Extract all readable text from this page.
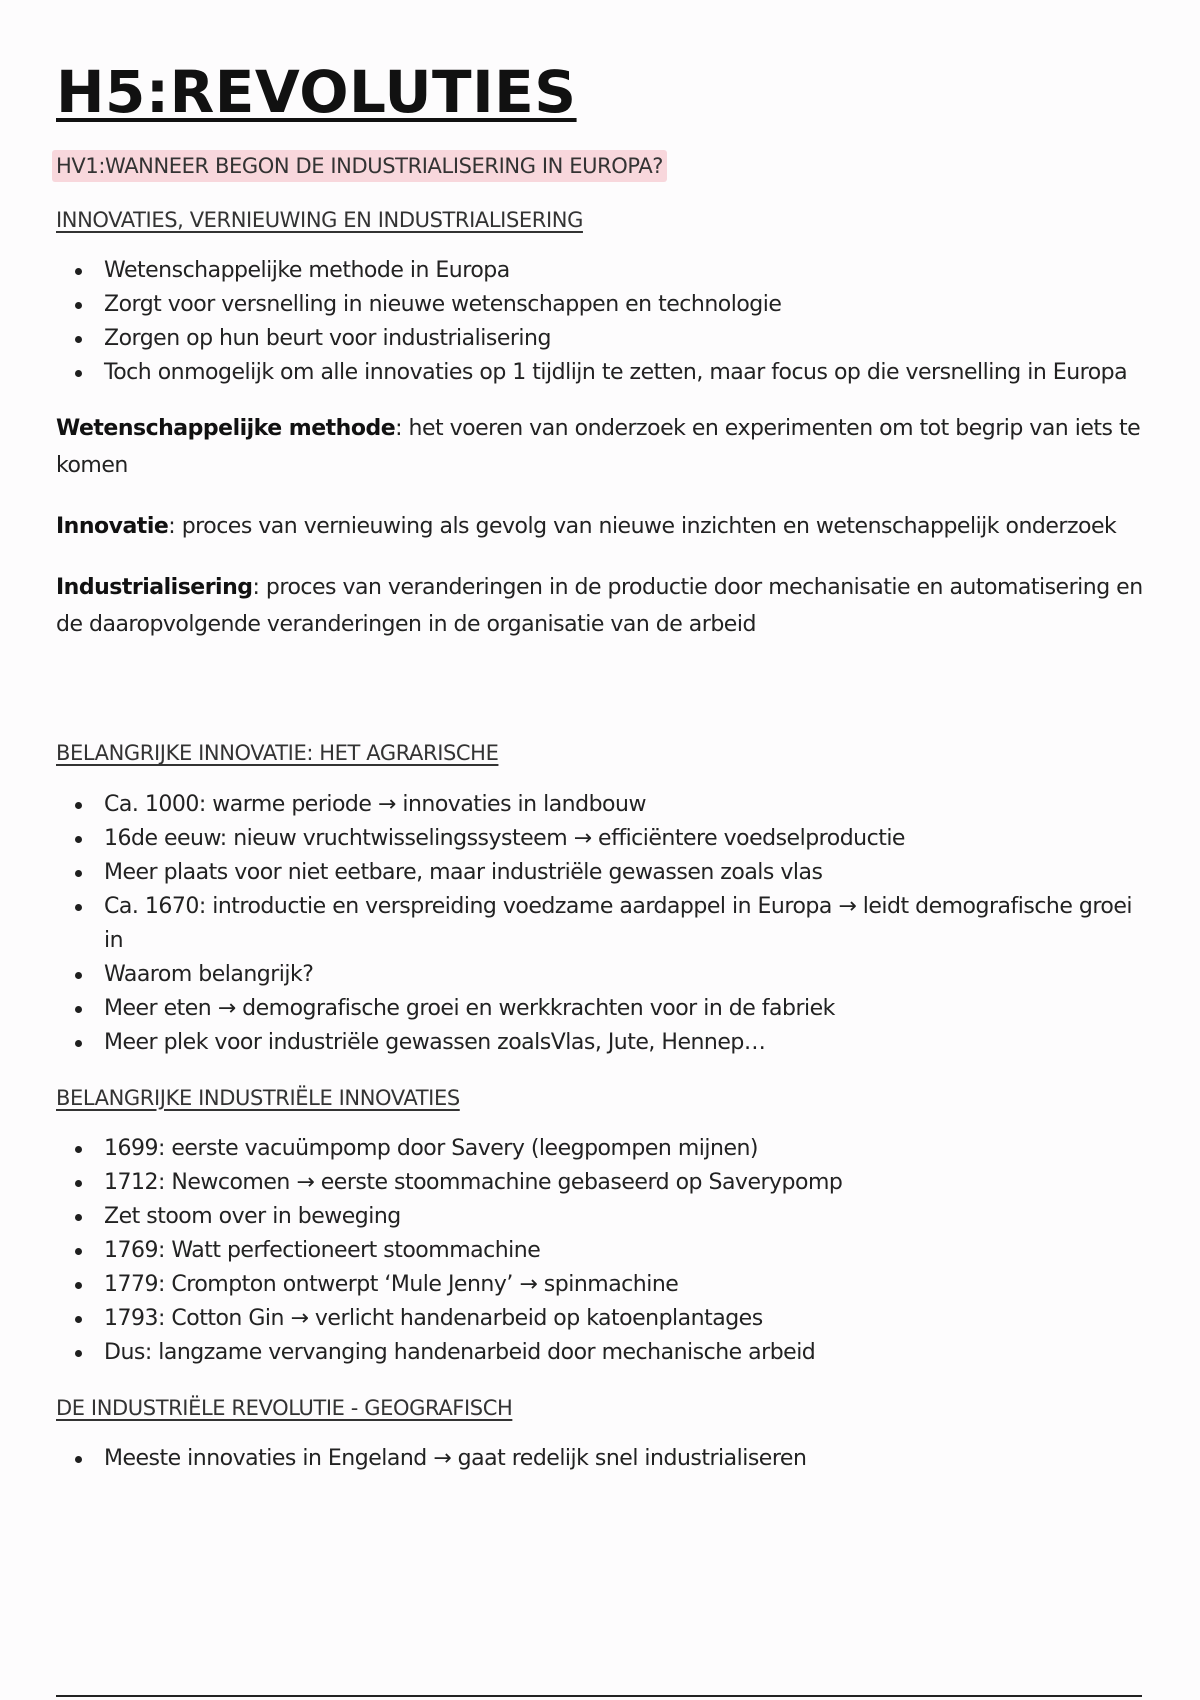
H5:REVOLUTIES
HV1:WANNEER BEGON DE INDUSTRIALISERING IN EUROPA?
INNOVATIES, VERNIEUWING EN INDUSTRIALISERING
Wetenschappelijke methode in Europa
Zorgt voor versnelling in nieuwe wetenschappen en technologie
Zorgen op hun beurt voor industrialisering
Toch onmogelijk om alle innovaties op 1 tijdlijn te zetten, maar focus op die versnelling in Europa

Wetenschappelijke methode: het voeren van onderzoek en experimenten om tot begrip van iets te komen

Innovatie: proces van vernieuwing als gevolg van nieuwe inzichten en wetenschappelijk onderzoek

Industrialisering: proces van veranderingen in de productie door mechanisatie en automatisering en de daaropvolgende veranderingen in de organisatie van de arbeid

BELANGRIJKE INNOVATIE: HET AGRARISCHE
Ca. 1000: warme periode → innovaties in landbouw
16de eeuw: nieuw vruchtwisselingssysteem → efficiëntere voedselproductie
Meer plaats voor niet eetbare, maar industriële gewassen zoals vlas
Ca. 1670: introductie en verspreiding voedzame aardappel in Europa → leidt demografische groei in
Waarom belangrijk?
Meer eten → demografische groei en werkkrachten voor in de fabriek
Meer plek voor industriële gewassen zoalsVlas, Jute, Hennep…
BELANGRIJKE INDUSTRIËLE INNOVATIES
1699: eerste vacuümpomp door Savery (leegpompen mijnen)
1712: Newcomen → eerste stoommachine gebaseerd op Saverypomp
Zet stoom over in beweging
1769: Watt perfectioneert stoommachine
1779: Crompton ontwerpt ‘Mule Jenny’ → spinmachine
1793: Cotton Gin → verlicht handenarbeid op katoenplantages
Dus: langzame vervanging handenarbeid door mechanische arbeid
DE INDUSTRIËLE REVOLUTIE - GEOGRAFISCH
Meeste innovaties in Engeland → gaat redelijk snel industrialiseren
